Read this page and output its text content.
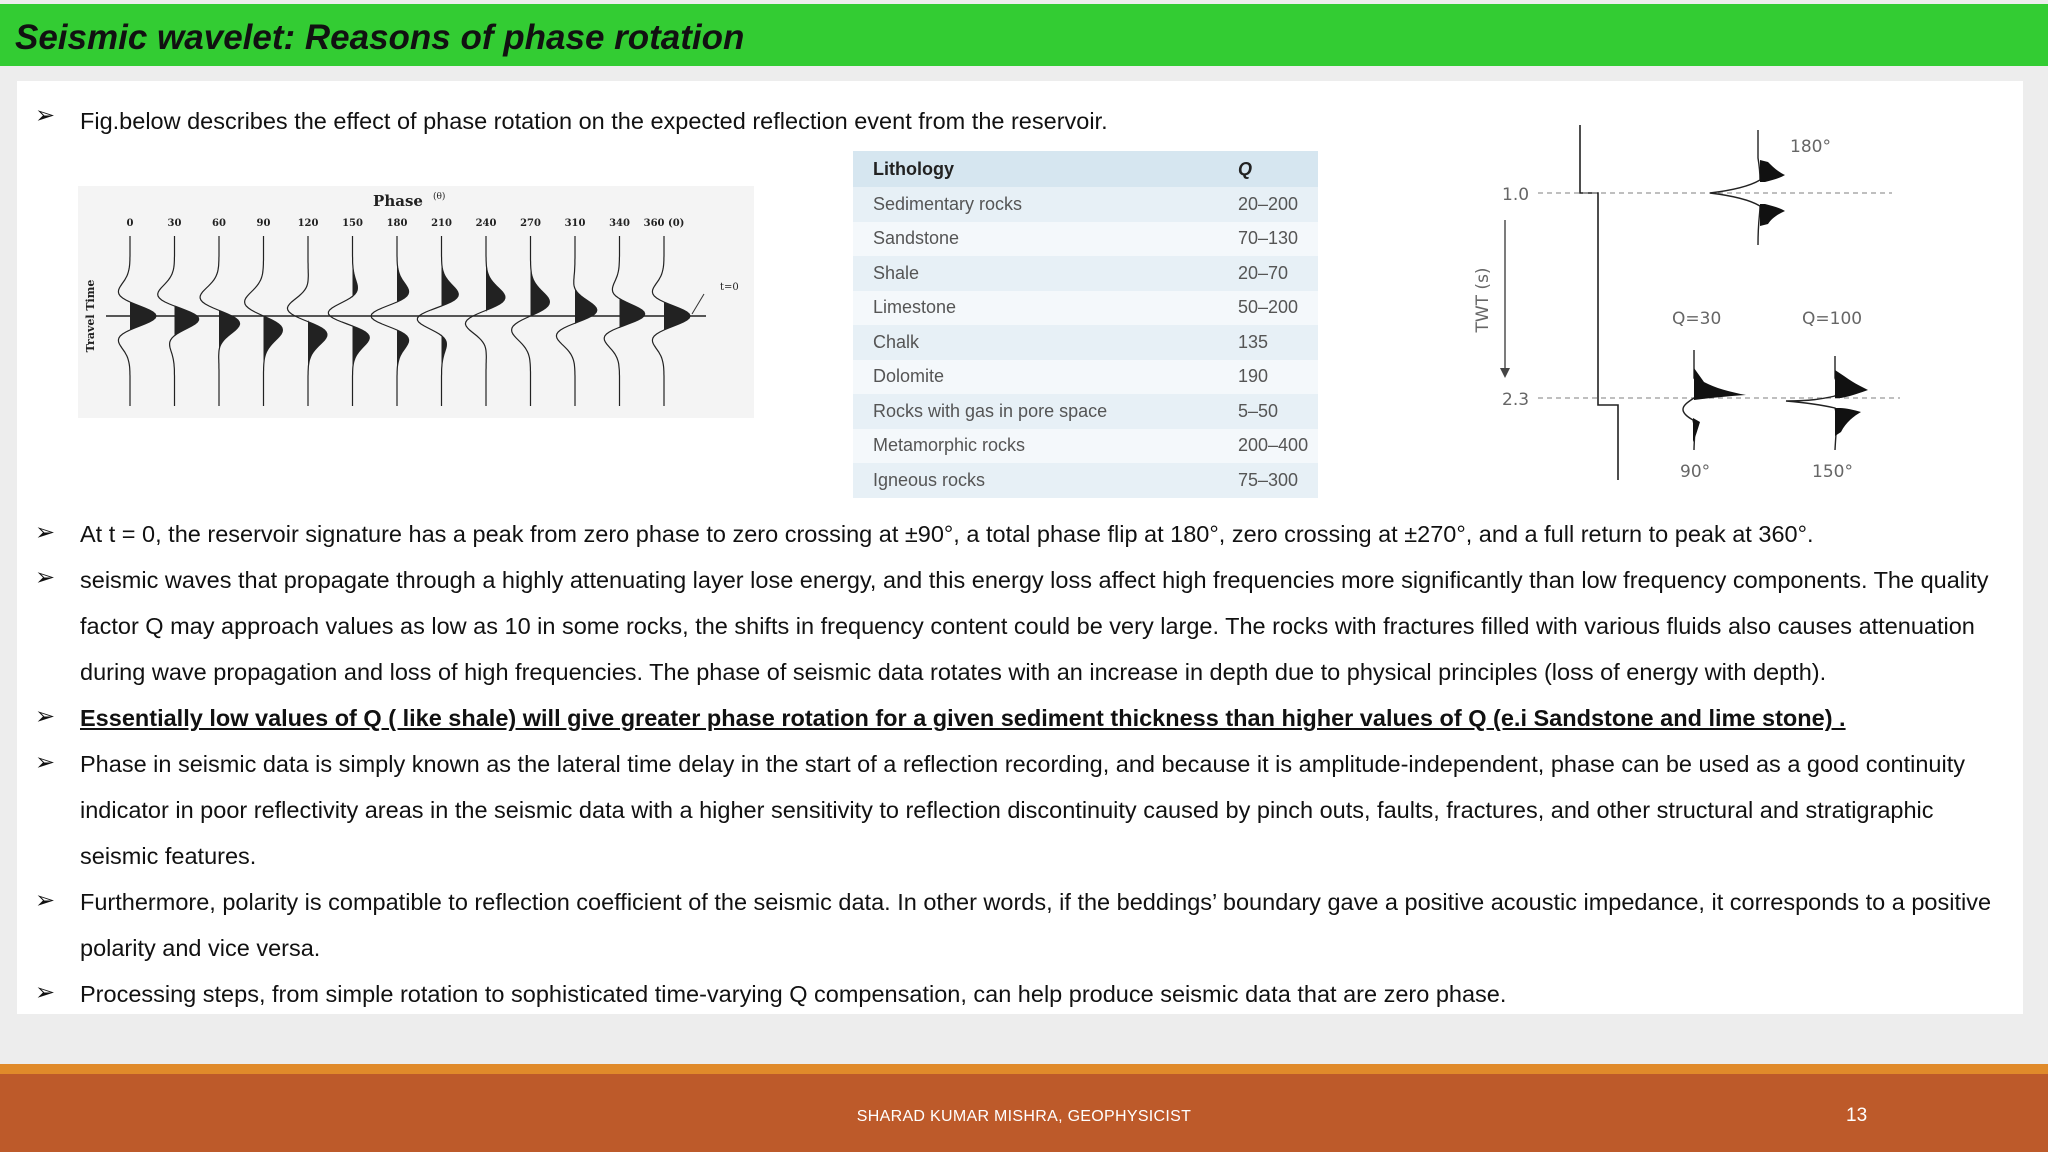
Seismic wavelet: Reasons of phase rotation
➢ Fig.below describes the effect of phase rotation on the expected reflection event from the reservoir.
Phase (θ)
Travel Time	t=0
0	30	60	90	120 150 180 210 240 270 310 340 360 (0)
Lithology	Q
Sedimentary rocks	20–200
Sandstone	70–130
Shale	20–70
Limestone	50–200
Chalk	135
Dolomite	190
Rocks with gas in pore space	5–50
Metamorphic rocks	200–400
Igneous rocks	75–300
1.0
2.3
TWT (s)
180°
Q=30
90°
Q=100
150°
➢ At t = 0, the reservoir signature has a peak from zero phase to zero crossing at ±90°, a total phase flip at 180°, zero crossing at ±270°, and a full return to peak at 360°.
➢ seismic waves that propagate through a highly attenuating layer lose energy, and this energy loss affect high frequencies more significantly than low frequency components. The quality factor Q may approach values as low as 10 in some rocks, the shifts in frequency content could be very large. The rocks with fractures filled with various fluids also causes attenuation during wave propagation and loss of high frequencies. The phase of seismic data rotates with an increase in depth due to physical principles (loss of energy with depth).
➢ Essentially low values of Q ( like shale) will give greater phase rotation for a given sediment thickness than higher values of Q (e.i Sandstone and lime stone) .
➢ Phase in seismic data is simply known as the lateral time delay in the start of a reflection recording, and because it is amplitude-independent, phase can be used as a good continuity indicator in poor reflectivity areas in the seismic data with a higher sensitivity to reflection discontinuity caused by pinch outs, faults, fractures, and other structural and stratigraphic seismic features.
➢ Furthermore, polarity is compatible to reflection coefficient of the seismic data. In other words, if the beddings’ boundary gave a positive acoustic impedance, it corresponds to a positive polarity and vice versa.
➢ Processing steps, from simple rotation to sophisticated time-varying Q compensation, can help produce seismic data that are zero phase.
SHARAD KUMAR MISHRA, GEOPHYSICIST	13
